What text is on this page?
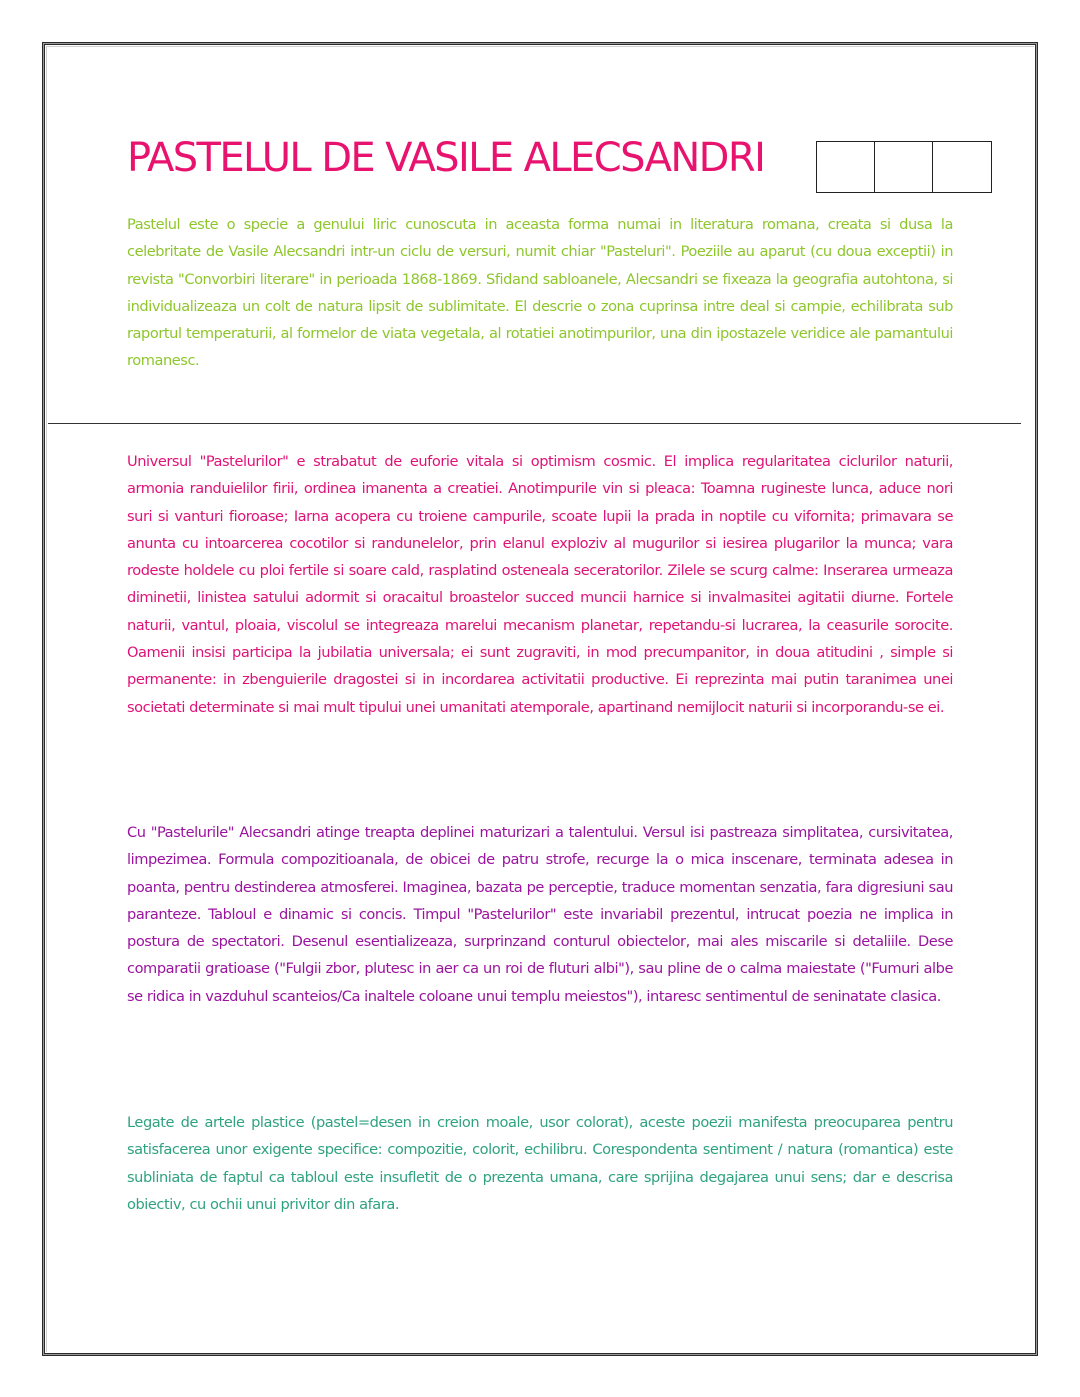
PASTELUL DE VASILE ALECSANDRI

Pastelul este o specie a genului liric cunoscuta in aceasta forma numai in literatura romana, creata si dusa la celebritate de Vasile Alecsandri intr-un ciclu de versuri, numit chiar "Pasteluri". Poeziile au aparut (cu doua exceptii) in revista "Convorbiri literare" in perioada 1868-1869. Sfidand sabloanele, Alecsandri se fixeaza la geografia autohtona, si individualizeaza un colt de natura lipsit de sublimitate. El descrie o zona cuprinsa intre deal si campie, echilibrata sub raportul temperaturii, al formelor de viata vegetala, al rotatiei anotimpurilor, una din ipostazele veridice ale pamantului romanesc.

Universul "Pastelurilor" e strabatut de euforie vitala si optimism cosmic. El implica regularitatea ciclurilor naturii, armonia randuielilor firii, ordinea imanenta a creatiei. Anotimpurile vin si pleaca: Toamna rugineste lunca, aduce nori suri si vanturi fioroase; Iarna acopera cu troiene campurile, scoate lupii la prada in noptile cu vifornita; primavara se anunta cu intoarcerea cocotilor si randunelelor, prin elanul exploziv al mugurilor si iesirea plugarilor la munca; vara rodeste holdele cu ploi fertile si soare cald, rasplatind osteneala seceratorilor. Zilele se scurg calme: Inserarea urmeaza diminetii, linistea satului adormit si oracaitul broastelor succed muncii harnice si invalmasitei agitatii diurne. Fortele naturii, vantul, ploaia, viscolul se integreaza marelui mecanism planetar, repetandu-si lucrarea, la ceasurile sorocite. Oamenii insisi participa la jubilatia universala; ei sunt zugraviti, in mod precumpanitor, in doua atitudini , simple si permanente: in zbenguierile dragostei si in incordarea activitatii productive. Ei reprezinta mai putin taranimea unei societati determinate si mai mult tipului unei umanitati atemporale, apartinand nemijlocit naturii si incorporandu-se ei.

Cu "Pastelurile" Alecsandri atinge treapta deplinei maturizari a talentului. Versul isi pastreaza simplitatea, cursivitatea, limpezimea. Formula compozitioanala, de obicei de patru strofe, recurge la o mica inscenare, terminata adesea in poanta, pentru destinderea atmosferei. Imaginea, bazata pe perceptie, traduce momentan senzatia, fara digresiuni sau paranteze. Tabloul e dinamic si concis. Timpul "Pastelurilor" este invariabil prezentul, intrucat poezia ne implica in postura de spectatori. Desenul esentializeaza, surprinzand conturul obiectelor, mai ales miscarile si detaliile. Dese comparatii gratioase ("Fulgii zbor, plutesc in aer ca un roi de fluturi albi"), sau pline de o calma maiestate ("Fumuri albe se ridica in vazduhul scanteios/Ca inaltele coloane unui templu meiestos"), intaresc sentimentul de seninatate clasica.

Legate de artele plastice (pastel=desen in creion moale, usor colorat), aceste poezii manifesta preocuparea pentru satisfacerea unor exigente specifice: compozitie, colorit, echilibru. Corespondenta sentiment / natura (romantica) este subliniata de faptul ca tabloul este insufletit de o prezenta umana, care sprijina degajarea unui sens; dar e descrisa obiectiv, cu ochii unui privitor din afara.
